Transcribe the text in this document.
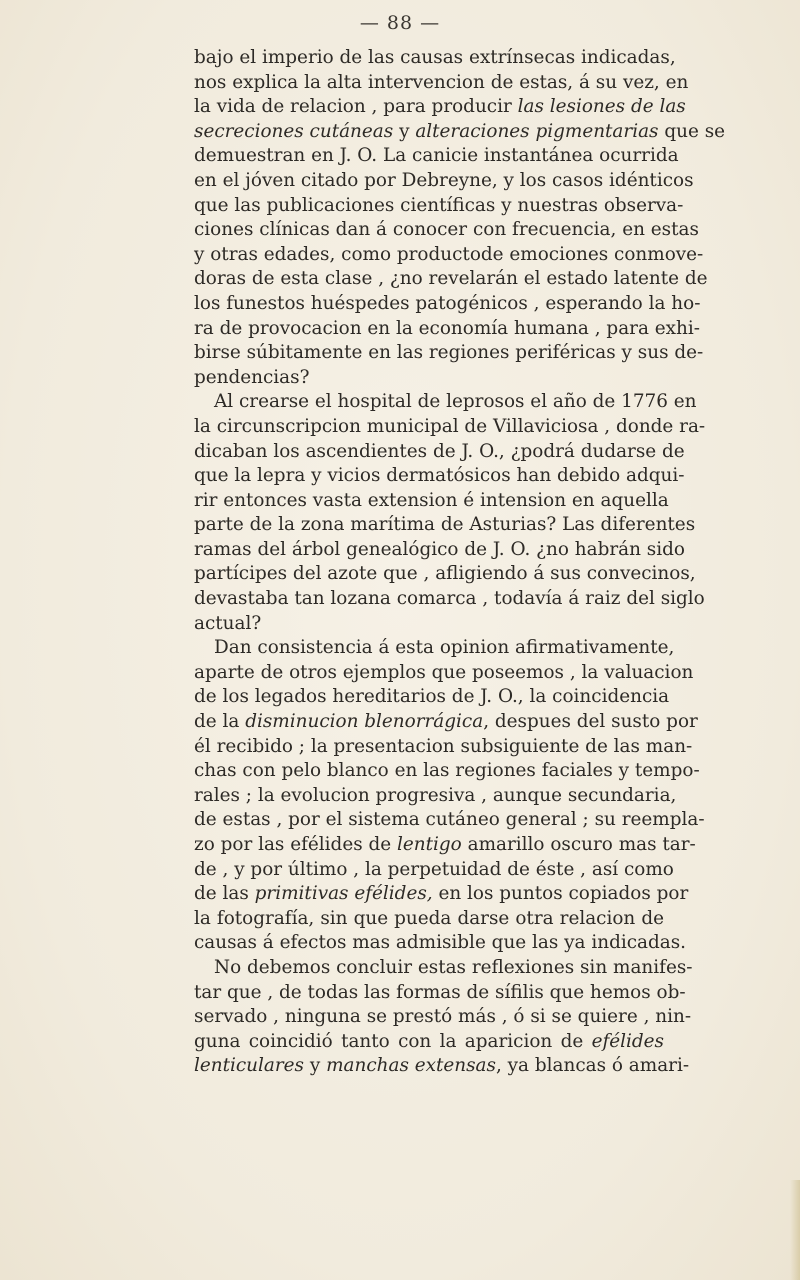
— 88 —
bajo el imperio de las causas extrínsecas indicadas,
nos explica la alta intervencion de estas, á su vez, en
la vida de relacion , para producir las lesiones de las
secreciones cutáneas y alteraciones pigmentarias que se
demuestran en J. O. La canicie instantánea ocurrida
en el jóven citado por Debreyne, y los casos idénticos
que las publicaciones científicas y nuestras observa-
ciones clínicas dan á conocer con frecuencia, en estas
y otras edades, como productode emociones conmove-
doras de esta clase , ¿no revelarán el estado latente de
los funestos huéspedes patogénicos , esperando la ho-
ra de provocacion en la economía humana , para exhi-
birse súbitamente en las regiones periféricas y sus de-
pendencias?
Al crearse el hospital de leprosos el año de 1776 en
la circunscripcion municipal de Villaviciosa , donde ra-
dicaban los ascendientes de J. O., ¿podrá dudarse de
que la lepra y vicios dermatósicos han debido adqui-
rir entonces vasta extension é intension en aquella
parte de la zona marítima de Asturias? Las diferentes
ramas del árbol genealógico de J. O. ¿no habrán sido
partícipes del azote que , afligiendo á sus convecinos,
devastaba tan lozana comarca , todavía á raiz del siglo
actual?
Dan consistencia á esta opinion afirmativamente,
aparte de otros ejemplos que poseemos , la valuacion
de los legados hereditarios de J. O., la coincidencia
de la disminucion blenorrágica, despues del susto por
él recibido ; la presentacion subsiguiente de las man-
chas con pelo blanco en las regiones faciales y tempo-
rales ; la evolucion progresiva , aunque secundaria,
de estas , por el sistema cutáneo general ; su reempla-
zo por las efélides de lentigo amarillo oscuro mas tar-
de , y por último , la perpetuidad de éste , así como
de las primitivas efélides, en los puntos copiados por
la fotografía, sin que pueda darse otra relacion de
causas á efectos mas admisible que las ya indicadas.
No debemos concluir estas reflexiones sin manifes-
tar que , de todas las formas de sífilis que hemos ob-
servado , ninguna se prestó más , ó si se quiere , nin-
guna coincidió tanto con la aparicion de efélides
lenticulares y manchas extensas, ya blancas ó amari-
